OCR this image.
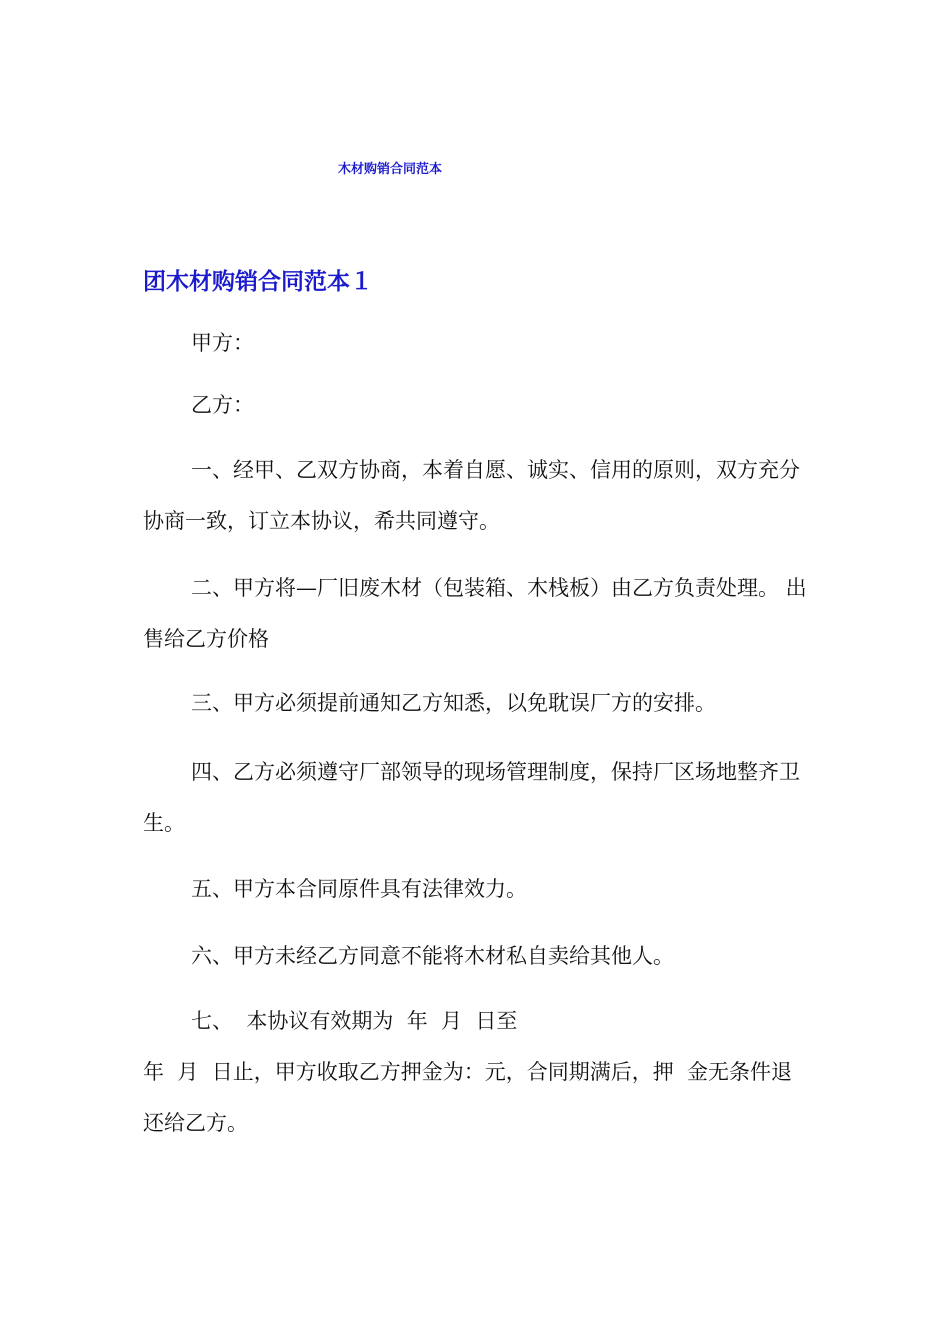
木材购销合同范本
团木材购销合同范本１

甲方：

乙方：

一、经甲、乙双方协商，本着自愿、诚实、信用的原则，双方充分协商一致，订立本协议，希共同遵守。

二、甲方将—厂旧废木材（包装箱、木栈板）由乙方负责处理。 出售给乙方价格

三、甲方必须提前通知乙方知悉，以免耽误厂方的安排。

四、乙方必须遵守厂部领导的现场管理制度，保持厂区场地整齐卫生。

五、甲方本合同原件具有法律效力。

六、甲方未经乙方同意不能将木材私自卖给其他人。

七、  本协议有效期为  年  月  日至

年  月  日止，甲方收取乙方押金为：元，合同期满后，押  金无条件退还给乙方。
